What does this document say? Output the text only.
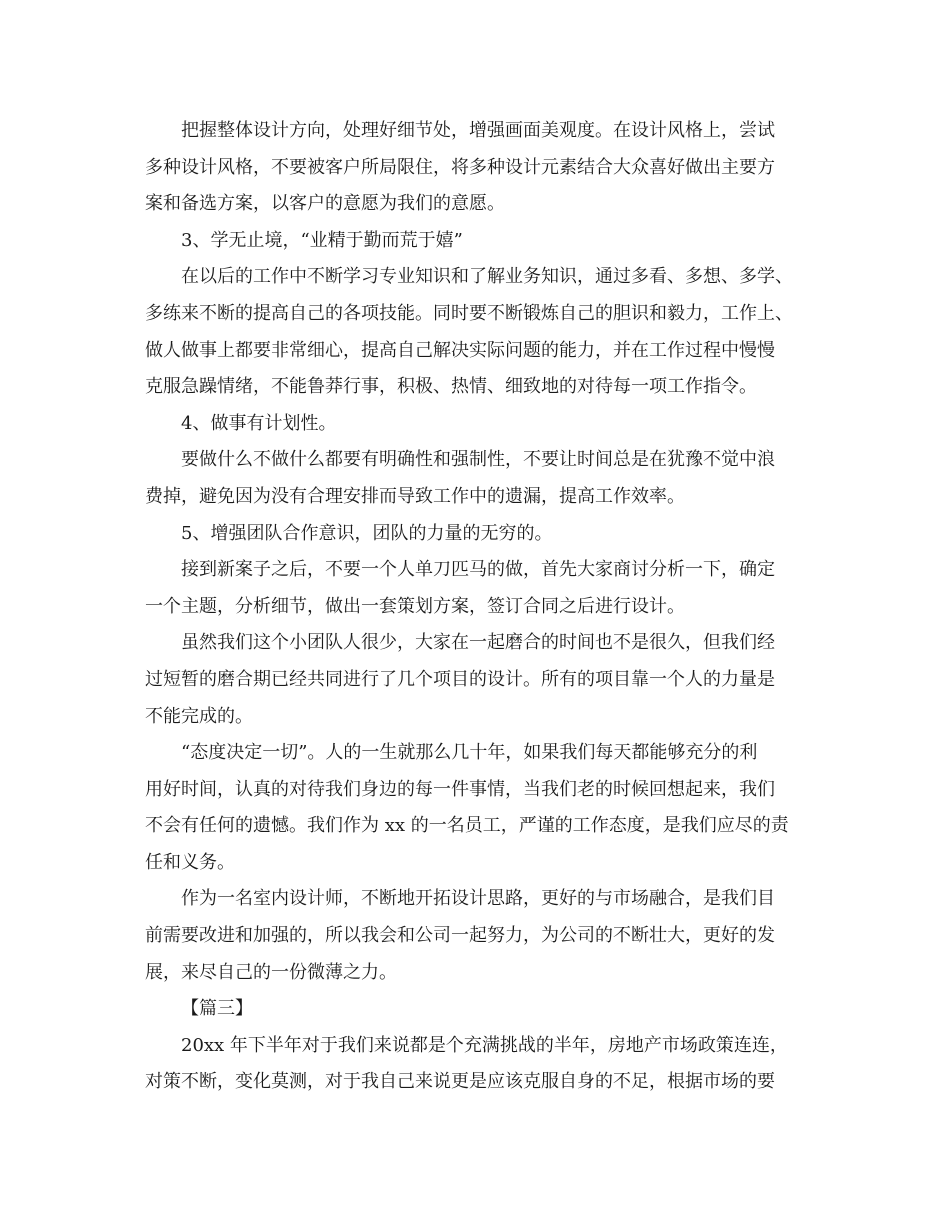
把握整体设计方向，处理好细节处，增强画面美观度。在设计风格上，尝试
多种设计风格，不要被客户所局限住，将多种设计元素结合大众喜好做出主要方
案和备选方案，以客户的意愿为我们的意愿。

3、学无止境，“业精于勤而荒于嬉”

在以后的工作中不断学习专业知识和了解业务知识，通过多看、多想、多学、
多练来不断的提高自己的各项技能。同时要不断锻炼自己的胆识和毅力，工作上、
做人做事上都要非常细心，提高自己解决实际问题的能力，并在工作过程中慢慢
克服急躁情绪，不能鲁莽行事，积极、热情、细致地的对待每一项工作指令。

4、做事有计划性。

要做什么不做什么都要有明确性和强制性，不要让时间总是在犹豫不觉中浪
费掉，避免因为没有合理安排而导致工作中的遗漏，提高工作效率。

5、增强团队合作意识，团队的力量的无穷的。

接到新案子之后，不要一个人单刀匹马的做，首先大家商讨分析一下，确定
一个主题，分析细节，做出一套策划方案，签订合同之后进行设计。

虽然我们这个小团队人很少，大家在一起磨合的时间也不是很久，但我们经
过短暂的磨合期已经共同进行了几个项目的设计。所有的项目靠一个人的力量是
不能完成的。

“态度决定一切”。人的一生就那么几十年，如果我们每天都能够充分的利
用好时间，认真的对待我们身边的每一件事情，当我们老的时候回想起来，我们
不会有任何的遗憾。我们作为 xx 的一名员工，严谨的工作态度，是我们应尽的责
任和义务。

作为一名室内设计师，不断地开拓设计思路，更好的与市场融合，是我们目
前需要改进和加强的，所以我会和公司一起努力，为公司的不断壮大，更好的发
展，来尽自己的一份微薄之力。

【篇三】

20xx 年下半年对于我们来说都是个充满挑战的半年，房地产市场政策连连，
对策不断，变化莫测，对于我自己来说更是应该克服自身的不足，根据市场的要
